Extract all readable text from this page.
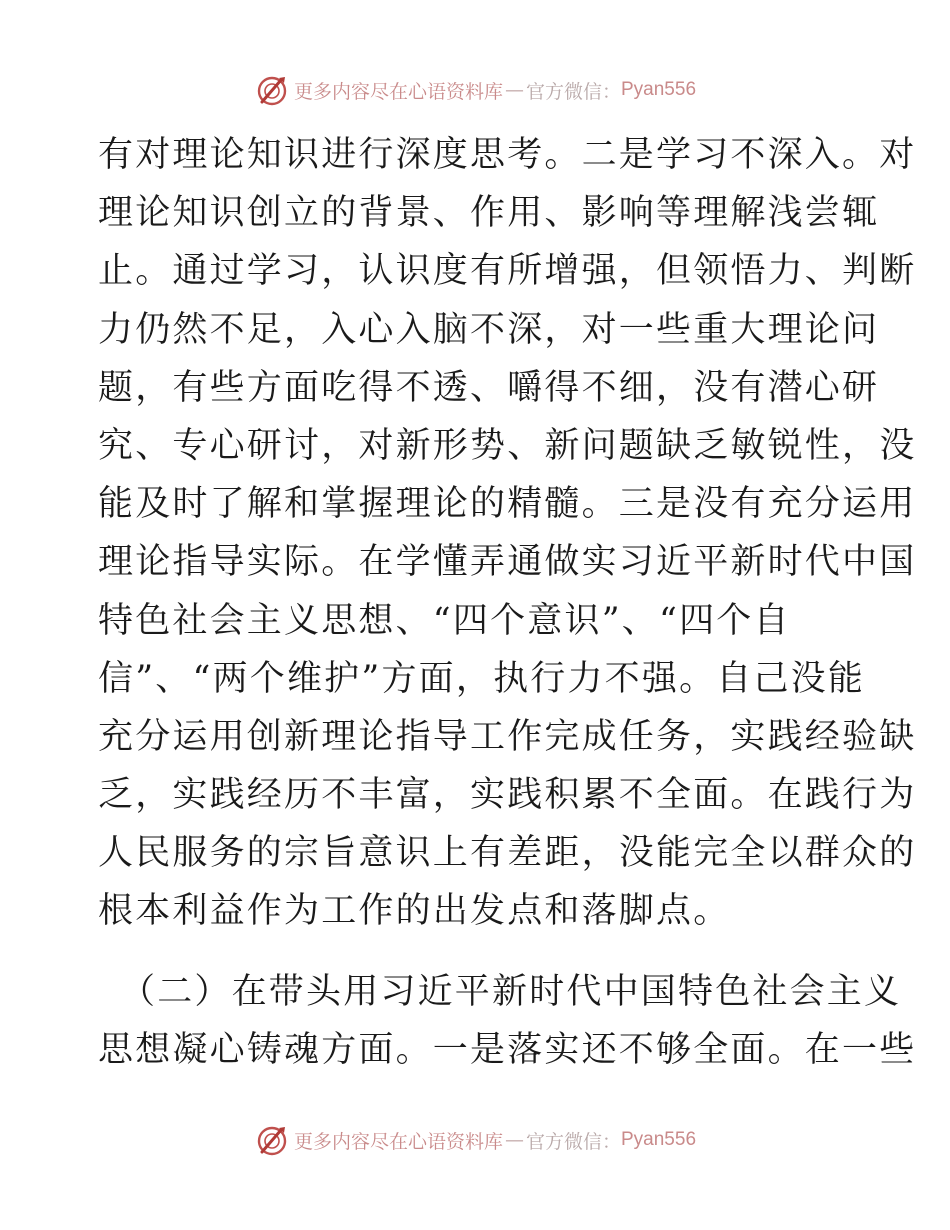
更多内容尽在心语资料库 — 官方微信： Pyan556
有对理论知识进行深度思考。二是学习不深入。对
理论知识创立的背景、作用、影响等理解浅尝辄
止。通过学习，认识度有所增强，但领悟力、判断
力仍然不足，入心入脑不深，对一些重大理论问
题，有些方面吃得不透、嚼得不细，没有潜心研
究、专心研讨，对新形势、新问题缺乏敏锐性，没
能及时了解和掌握理论的精髓。三是没有充分运用
理论指导实际。在学懂弄通做实习近平新时代中国
特色社会主义思想、“四个意识”、“四个自
信”、“两个维护”方面，执行力不强。自己没能
充分运用创新理论指导工作完成任务，实践经验缺
乏，实践经历不丰富，实践积累不全面。在践行为
人民服务的宗旨意识上有差距，没能完全以群众的
根本利益作为工作的出发点和落脚点。
（二）在带头用习近平新时代中国特色社会主义
思想凝心铸魂方面。一是落实还不够全面。在一些
更多内容尽在心语资料库 — 官方微信： Pyan556
